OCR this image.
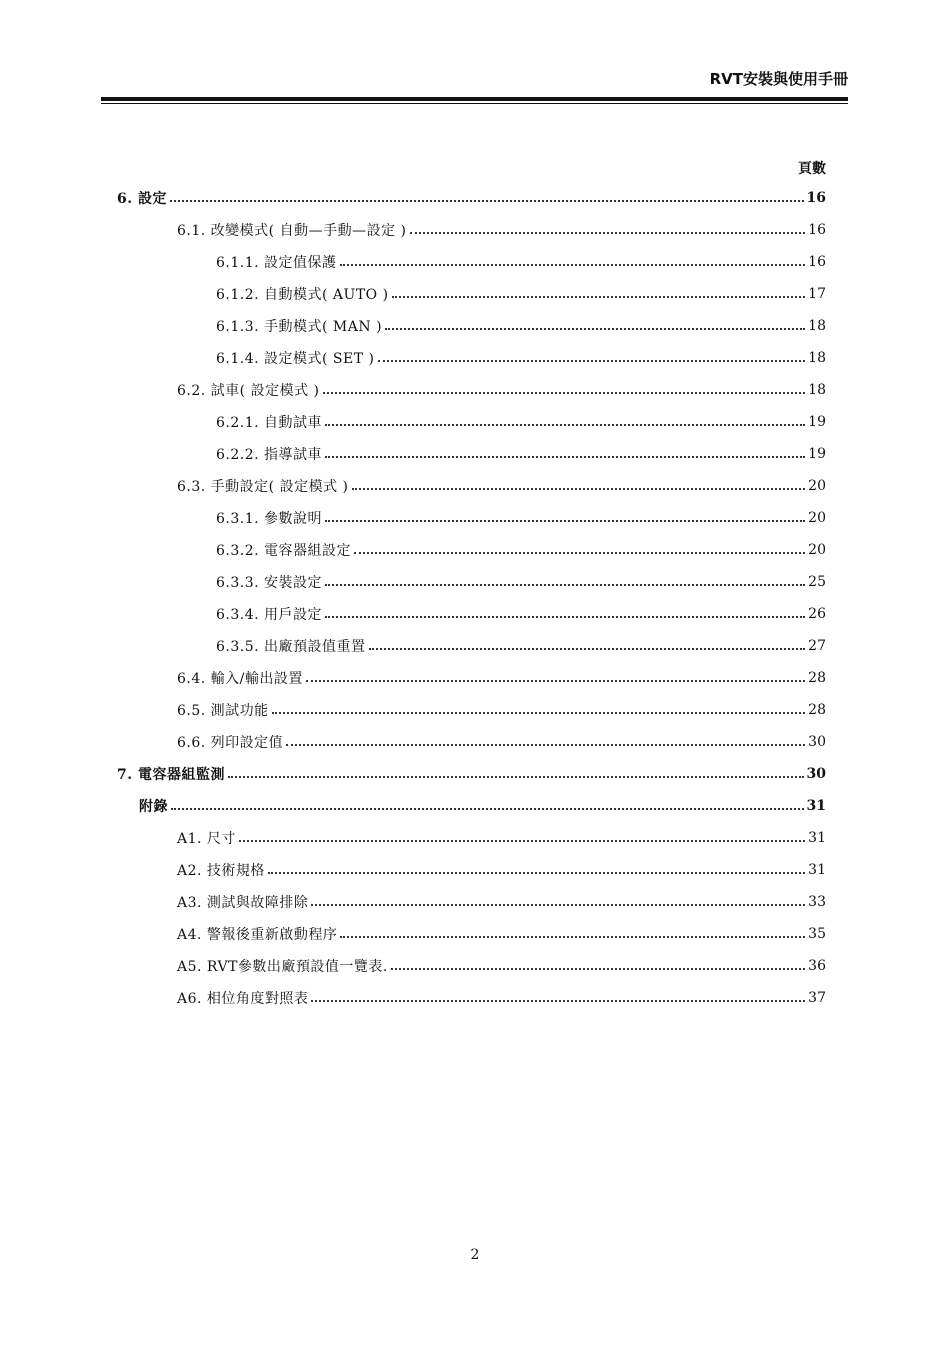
RVT安裝與使用手冊
頁數
6. 設定	16
6.1. 改變模式( 自動—手動—設定 )	16
6.1.1. 設定值保護	16
6.1.2. 自動模式( AUTO )	17
6.1.3. 手動模式( MAN )	18
6.1.4. 設定模式( SET )	18
6.2. 試車( 設定模式 )	18
6.2.1. 自動試車	19
6.2.2. 指導試車	19
6.3. 手動設定( 設定模式 )	20
6.3.1. 參數說明	20
6.3.2. 電容器組設定	20
6.3.3. 安裝設定	25
6.3.4. 用戶設定	26
6.3.5. 出廠預設值重置	27
6.4. 輸入/輸出設置	28
6.5. 測試功能	28
6.6. 列印設定值	30
7. 電容器組監測	30
附錄	31
A1. 尺寸	31
A2. 技術規格	31
A3. 測試與故障排除	33
A4. 警報後重新啟動程序	35
A5. RVT參數出廠預設值一覽表.	36
A6. 相位角度對照表	37
2
